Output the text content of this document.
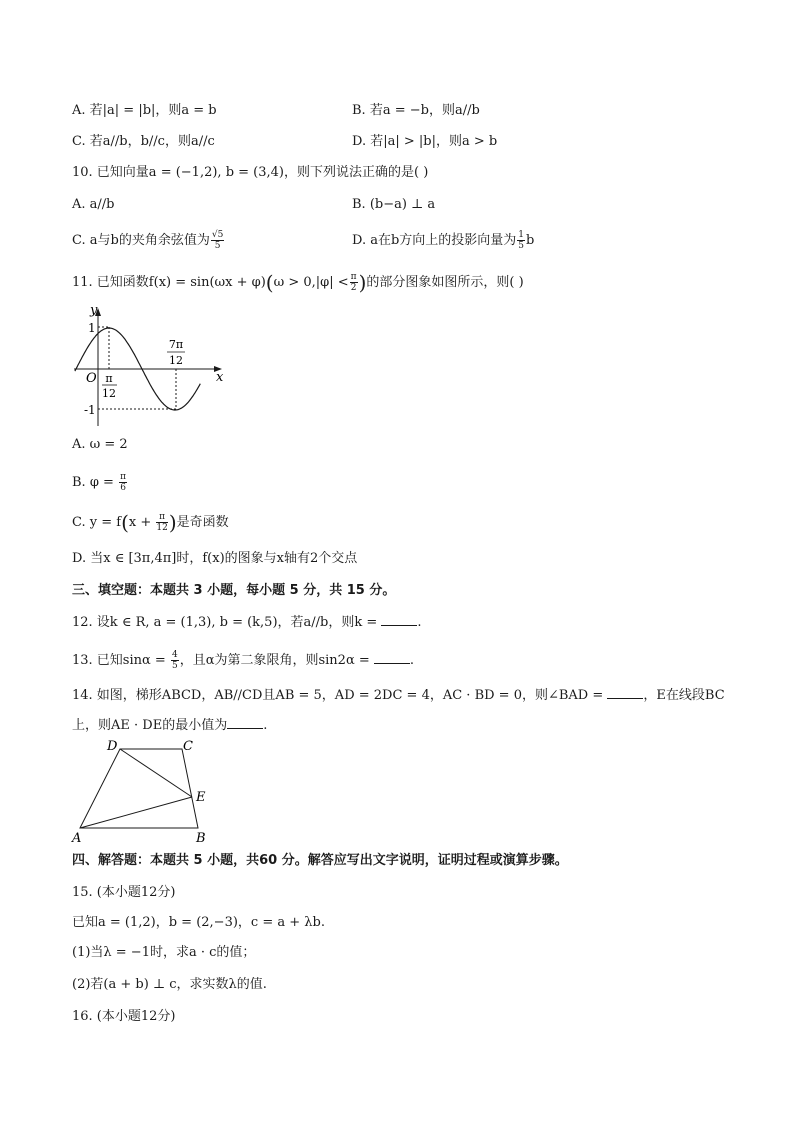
A. 若|a| = |b|，则a = b	B. 若a = −b，则a//b
C. 若a//b，b//c，则a//c	D. 若|a| > |b|，则a > b
10. 已知向量a = (−1,2), b = (3,4)，则下列说法正确的是( )
A. a//b	B. (b−a) ⊥ a
C. a与b的夹角余弦值为 $\frac{√5}{5}$	D. a在b方向上的投影向量为 $\frac{1}{5}$ b
11. 已知函数$f(x) = \sin(\omega x + \varphi)(\omega > 0,|\varphi| < \frac{\pi}{2}$ )的部分图象如图所示，则( )
y
x
O
1
-1
π
12
7π
12
A. ω = 2
B. $\varphi = \frac{\pi}{6}$
C. $y = f(x + \frac{\pi}{12}$ )是奇函数
D. 当x ∈ [3π,4π]时，f(x)的图象与x轴有2个交点
三、填空题：本题共 3 小题，每小题 5 分，共 15 分。
12. 设k ∈ R, a = (1,3), b = (k,5)，若a//b，则k =	.
13. 已知$\sin\alpha = \frac{4}{5}$ ，且α为第二象限角，则sin2α =	.
14. 如图，梯形ABCD，AB//CD且AB = 5，AD = 2DC = 4，AC · BD = 0，则∠BAD =	，E在线段BC
上，则AE · DE的最小值为	.
A	B
C
D
E
四、解答题：本题共 5 小题，共60 分。解答应写出文字说明，证明过程或演算步骤。
15. (本小题12分)
已知a = (1,2)，b = (2,−3)，c = a + λb.
(1)当λ = −1时，求a · c的值；
(2)若(a + b) ⊥ c，求实数λ的值.
16. (本小题12分)
